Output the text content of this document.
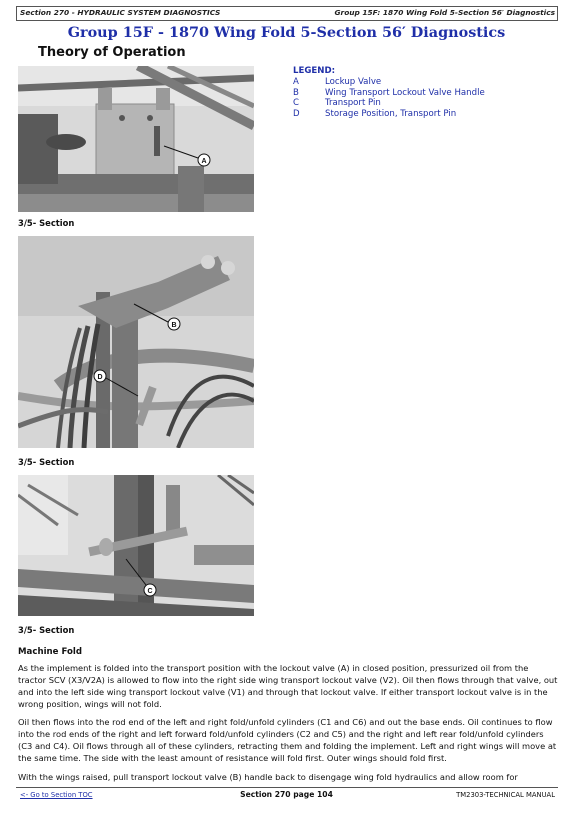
Section 270 - HYDRAULIC SYSTEM DIAGNOSTICS	Group 15F: 1870 Wing Fold 5-Section 56′ Diagnostics
Group 15F - 1870 Wing Fold 5-Section 56′ Diagnostics
Theory of Operation
A
3/5- Section
B
D
3/5- Section
C
3/5- Section
LEGEND:
A	Lockup Valve
B	Wing Transport Lockout Valve Handle
C	Transport Pin
D	Storage Position, Transport Pin
Machine Fold

As the implement is folded into the transport position with the lockout valve (A) in closed position, pressurized oil from the tractor SCV (X3/V2A) is allowed to flow into the right side wing transport lockout valve (V2). Oil then flows through that valve, out and into the left side wing transport lockout valve (V1) and through that lockout valve. If either transport lockout valve is in the wrong position, wings will not fold.

Oil then flows into the rod end of the left and right fold/unfold cylinders (C1 and C6) and out the base ends. Oil continues to flow into the rod ends of the right and left forward fold/unfold cylinders (C2 and C5) and the right and left rear fold/unfold cylinders (C3 and C4). Oil flows through all of these cylinders, retracting them and folding the implement. Left and right wings will move at the same time. The side with the least amount of resistance will fold first. Outer wings should fold first.

With the wings raised, pull transport lockout valve (B) handle back to disengage wing fold hydraulics and allow room for

<- Go to Section TOC	Section 270 page 104	TM2303-TECHNICAL MANUAL
